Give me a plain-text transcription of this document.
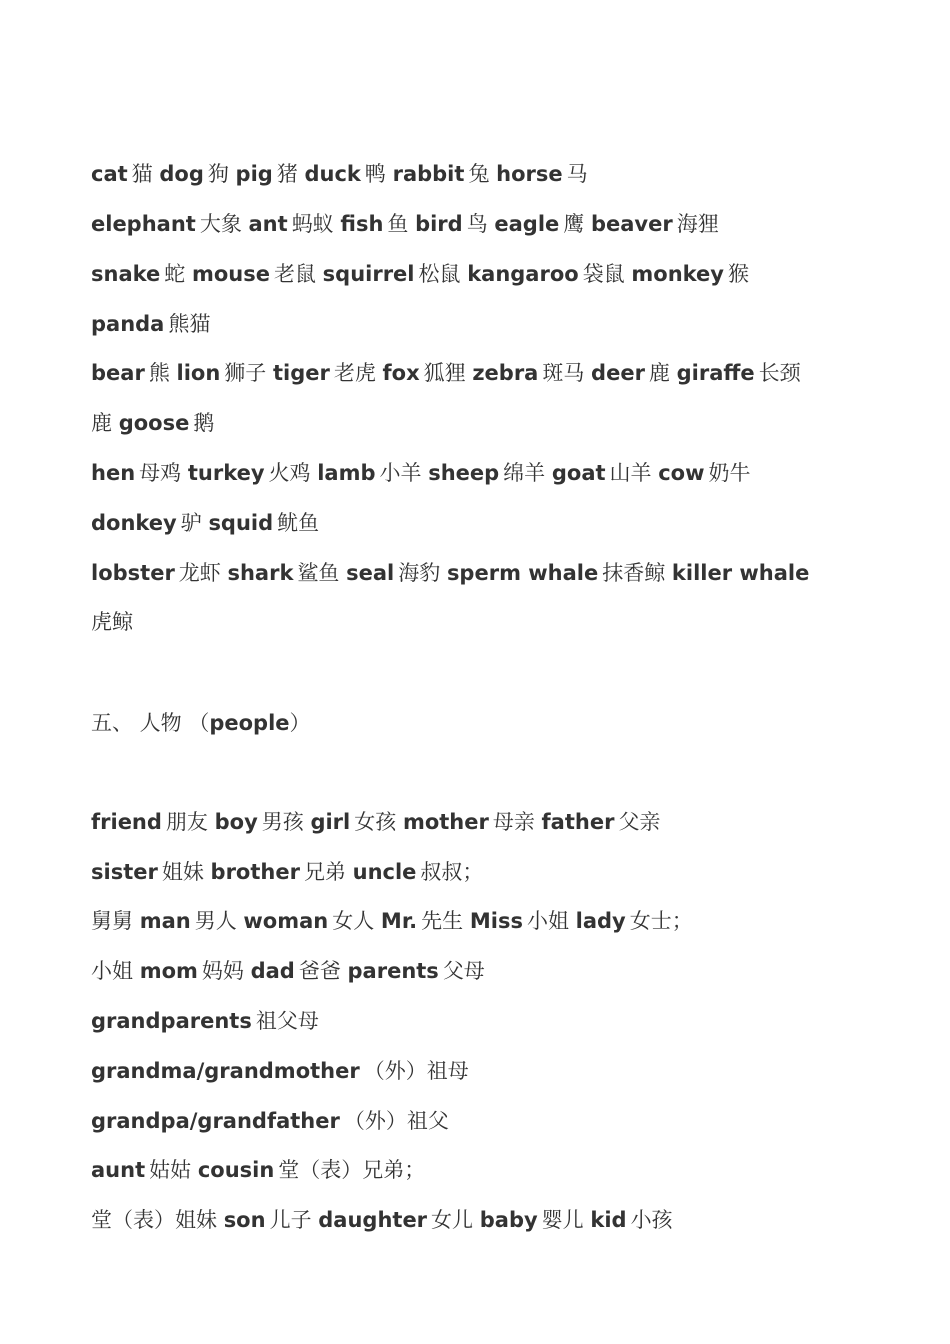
cat 猫 dog 狗 pig 猪 duck 鸭 rabbit 兔 horse 马
elephant 大象 ant 蚂蚁 fish 鱼 bird 鸟 eagle 鹰 beaver 海狸
snake 蛇 mouse 老鼠 squirrel 松鼠 kangaroo 袋鼠 monkey 猴
panda 熊猫
bear 熊 lion 狮子 tiger 老虎 fox 狐狸 zebra 斑马 deer 鹿 giraffe 长颈
鹿 goose 鹅
hen 母鸡 turkey 火鸡 lamb 小羊 sheep 绵羊 goat 山羊 cow 奶牛
donkey 驴 squid 鱿鱼
lobster 龙虾 shark 鲨鱼 seal 海豹 sperm whale 抹香鲸 killer whale
虎鲸
五、 人物 （people）
friend 朋友 boy 男孩 girl 女孩 mother 母亲 father 父亲
sister 姐妹 brother 兄弟 uncle 叔叔；
舅舅 man 男人 woman 女人 Mr. 先生 Miss 小姐 lady 女士；
小姐 mom 妈妈 dad 爸爸 parents 父母
grandparents 祖父母
grandma/grandmother （外）祖母
grandpa/grandfather （外）祖父
aunt 姑姑 cousin 堂（表）兄弟；
堂（表）姐妹 son 儿子 daughter 女儿 baby 婴儿 kid 小孩
